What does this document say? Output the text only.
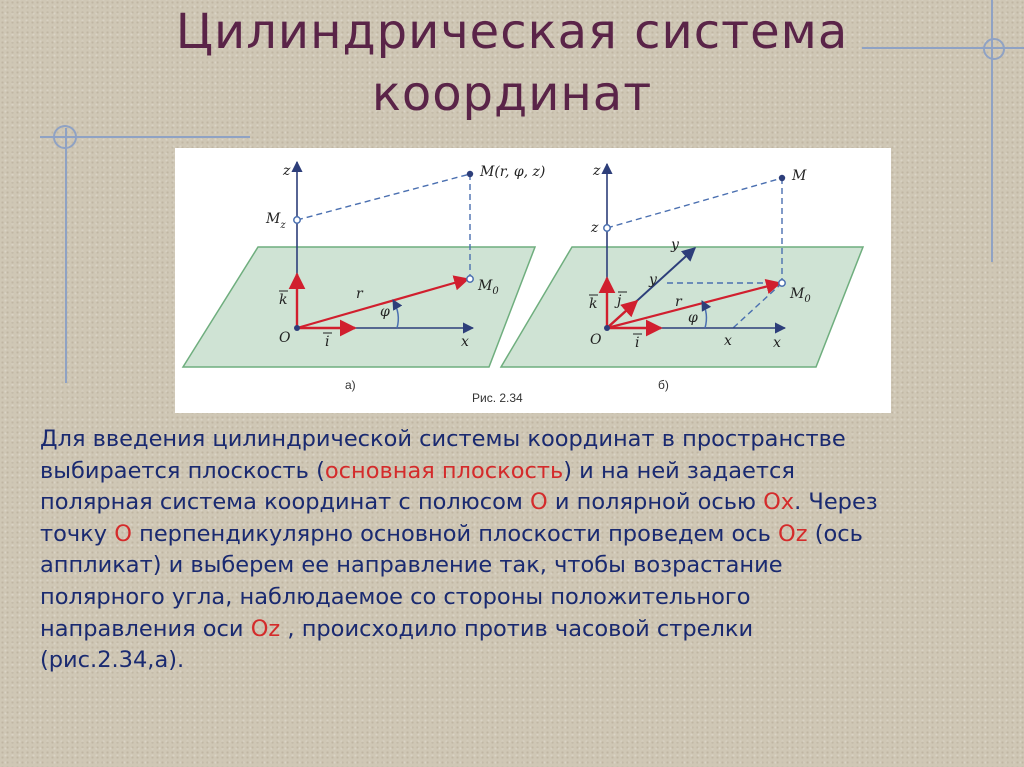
Цилиндрическая система
координат
z
$M_z$
M(r, φ, z)
$M_0$
k
O i
r
φ
x
а)
z
z
M
$M_0$
y
y
k j
O i
r
φ
x	x
б)
Рис. 2.34
Для введения цилиндрической системы координат в пространстве
выбирается плоскость (основная плоскость) и на ней задается
полярная система координат с полюсом О и полярной осью Ох. Через
точку О перпендикулярно основной плоскости проведем ось Oz (ось
аппликат) и выберем ее направление так, чтобы возрастание
полярного угла, наблюдаемое со стороны положительного
направления оси Oz , происходило против часовой стрелки
(рис.2.34,а).
